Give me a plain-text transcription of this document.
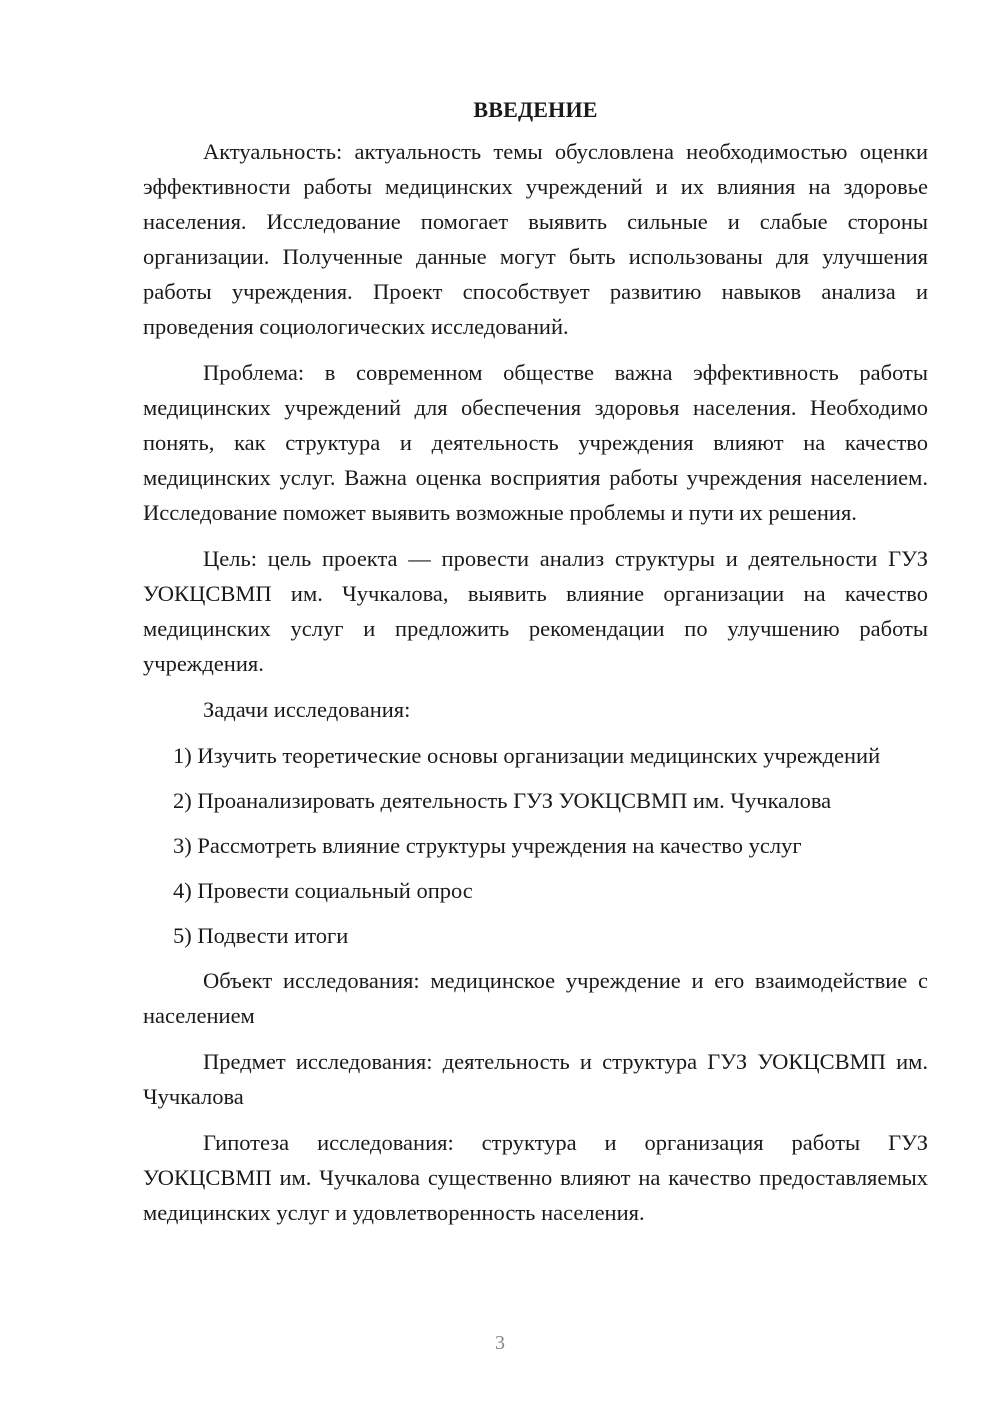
ВВЕДЕНИЕ

Актуальность: актуальность темы обусловлена необходимостью оценки эффективности работы медицинских учреждений и их влияния на здоровье населения. Исследование помогает выявить сильные и слабые стороны организации. Полученные данные могут быть использованы для улучшения работы учреждения. Проект способствует развитию навыков анализа и проведения социологических исследований.

Проблема: в современном обществе важна эффективность работы медицинских учреждений для обеспечения здоровья населения. Необходимо понять, как структура и деятельность учреждения влияют на качество медицинских услуг. Важна оценка восприятия работы учреждения населением. Исследование поможет выявить возможные проблемы и пути их решения.

Цель: цель проекта — провести анализ структуры и деятельности ГУЗ УОКЦСВМП им. Чучкалова, выявить влияние организации на качество медицинских услуг и предложить рекомендации по улучшению работы учреждения.

Задачи исследования:

1) Изучить теоретические основы организации медицинских учреждений

2) Проанализировать деятельность ГУЗ УОКЦСВМП им. Чучкалова

3) Рассмотреть влияние структуры учреждения на качество услуг

4) Провести социальный опрос

5) Подвести итоги

Объект исследования: медицинское учреждение и его взаимодействие с населением

Предмет исследования: деятельность и структура ГУЗ УОКЦСВМП им. Чучкалова

Гипотеза исследования: структура и организация работы ГУЗ УОКЦСВМП им. Чучкалова существенно влияют на качество предоставляемых медицинских услуг и удовлетворенность населения.

3
